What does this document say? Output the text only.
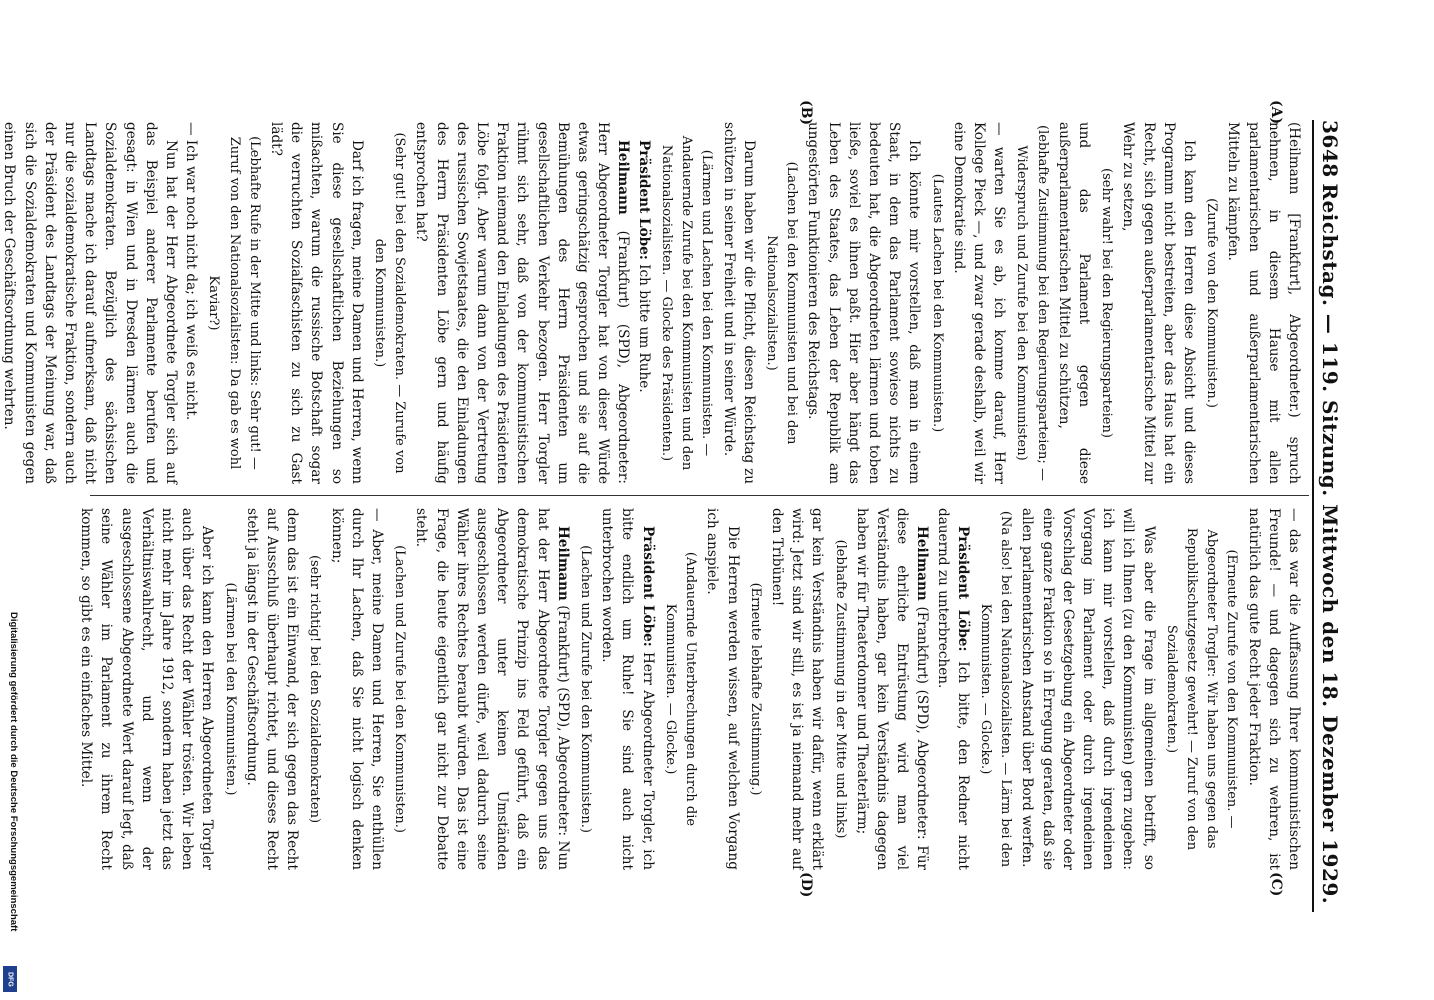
3648
Reichstag. — 119. Sitzung. Mittwoch den 18. Dezember 1929.
(A)
(B)
(C)
(D)

(Heilmann [Frankfurt], Abgeordneter.) spruch nehmen, in diesem Hause mit allen parlamentarischen und außerparlamentarischen Mitteln zu kämpfen.

(Zurufe von den Kommunisten.)

Ich kann den Herren diese Absicht und dieses Programm nicht bestreiten, aber das Haus hat ein Recht, sich gegen außerparlamentarische Mittel zur Wehr zu setzen,

(sehr wahr! bei den Regierungsparteien)

und das Parlament gegen diese außerparlamentarischen Mittel zu schützen,

(lebhafte Zustimmung bei den Regierungsparteien; — Widerspruch und Zurufe bei den Kommunisten)

— warten Sie es ab, ich komme darauf, Herr Kollege Pieck —, und zwar gerade deshalb, weil wir eine Demokratie sind.

(Lautes Lachen bei den Kommunisten.)

Ich könnte mir vorstellen, daß man in einem Staat, in dem das Parlament sowieso nichts zu bedeuten hat, die Abgeordneten lärmen und toben ließe, soviel es ihnen paßt. Hier aber hängt das Leben des Staates, das Leben der Republik am ungestörten Funktionieren des Reichstags.

(Lachen bei den Kommunisten und bei den Nationalsozialisten.)

Darum haben wir die Pflicht, diesen Reichstag zu schützen in seiner Freiheit und in seiner Würde.

(Lärmen und Lachen bei den Kommunisten. — Andauernde Zurufe bei den Kommunisten und den Nationalsozialisten. — Glocke des Präsidenten.)

Präsident Löbe: Ich bitte um Ruhe.

Heilmann (Frankfurt) (SPD), Abgeordneter: Herr Abgeordneter Torgler hat von dieser Würde etwas geringschätzig gesprochen und sie auf die Bemühungen des Herrn Präsidenten um gesellschaftlichen Verkehr bezogen. Herr Torgler rühmt sich sehr, daß von der kommunistischen Fraktion niemand den Einladungen des Präsidenten Löbe folgt. Aber warum dann von der Vertretung des russischen Sowjetstaates, die den Einladungen des Herrn Präsidenten Löbe gern und häufig entsprochen hat?

(Sehr gut! bei den Sozialdemokraten. — Zurufe von den Kommunisten.)

Darf ich fragen, meine Damen und Herren, wenn Sie diese gesellschaftlichen Beziehungen so mißachten, warum die russische Botschaft sogar die verruchten Sozialfaschisten zu sich zu Gast lädt?

(Lebhafte Rufe in der Mitte und links: Sehr gut! — Zuruf von den Nationalsozialisten: Da gab es wohl Kaviar?)

— Ich war noch nicht da; ich weiß es nicht.

Nun hat der Herr Abgeordnete Torgler sich auf das Beispiel anderer Parlamente berufen und gesagt: in Wien und in Dresden lärmen auch die Sozialdemokraten. Bezüglich des sächsischen Landtags mache ich darauf aufmerksam, daß nicht nur die sozialdemokratische Fraktion, sondern auch der Präsident des Landtags der Meinung war, daß sich die Sozialdemokraten und Kommunisten gegen einen Bruch der Geschäftsordnung wehrten.

— das war die Auffassung Ihrer kommunistischen Freunde! — und dagegen sich zu wehren, ist natürlich das gute Recht jeder Fraktion.

(Erneute Zurufe von den Kommunisten. — Abgeordneter Torgler: Wir haben uns gegen das Republikschutzgesetz gewehrt! — Zuruf von den Sozialdemokraten.)

Was aber die Frage im allgemeinen betrifft, so will ich Ihnen (zu den Kommunisten) gern zugeben: ich kann mir vorstellen, daß durch irgendeinen Vorgang im Parlament oder durch irgendeinen Vorschlag der Gesetzgebung ein Abgeordneter oder eine ganze Fraktion so in Erregung geraten, daß sie allen parlamentarischen Anstand über Bord werfen.

(Na also! bei den Nationalsozialisten. — Lärm bei den Kommunisten. — Glocke.)

Präsident Löbe: Ich bitte, den Redner nicht dauernd zu unterbrechen.

Heilmann (Frankfurt) (SPD), Abgeordneter: Für diese ehrliche Entrüstung wird man viel Verständnis haben, gar kein Verständnis dagegen haben wir für Theaterdonner und Theaterlärm;

(lebhafte Zustimmung in der Mitte und links)

gar kein Verständnis haben wir dafür, wenn erklärt wird: Jetzt sind wir still, es ist ja niemand mehr auf den Tribünen!

(Erneute lebhafte Zustimmung.)

Die Herren werden wissen, auf welchen Vorgang ich anspiele.

(Andauernde Unterbrechungen durch die Kommunisten. — Glocke.)

Präsident Löbe: Herr Abgeordneter Torgler, ich bitte endlich um Ruhe! Sie sind auch nicht unterbrochen worden.

(Lachen und Zurufe bei den Kommunisten.)

Heilmann (Frankfurt) (SPD), Abgeordneter: Nun hat der Herr Abgeordnete Torgler gegen uns das demokratische Prinzip ins Feld geführt, daß ein Abgeordneter unter keinen Umständen ausgeschlossen werden dürfe, weil dadurch seine Wähler ihres Rechtes beraubt würden. Das ist eine Frage, die heute eigentlich gar nicht zur Debatte steht.

(Lachen und Zurufe bei den Kommunisten.)

— Aber, meine Damen und Herren, Sie enthüllen durch Ihr Lachen, daß Sie nicht logisch denken können;

(sehr richtig! bei den Sozialdemokraten)

denn das ist ein Einwand, der sich gegen das Recht auf Ausschluß überhaupt richtet, und dieses Recht steht ja längst in der Geschäftsordnung.

(Lärmen bei den Kommunisten.)

Aber ich kann den Herren Abgeordneten Torgler auch über das Recht der Wähler trösten. Wir leben nicht mehr im Jahre 1912, sondern haben jetzt das Verhältniswahlrecht, und wenn der ausgeschlossene Abgeordnete Wert darauf legt, daß seine Wähler im Parlament zu ihrem Recht kommen, so gibt es ein einfaches Mittel.

Digitalisierung gefördert durch die Deutsche Forschungsgemeinschaft
DFG
